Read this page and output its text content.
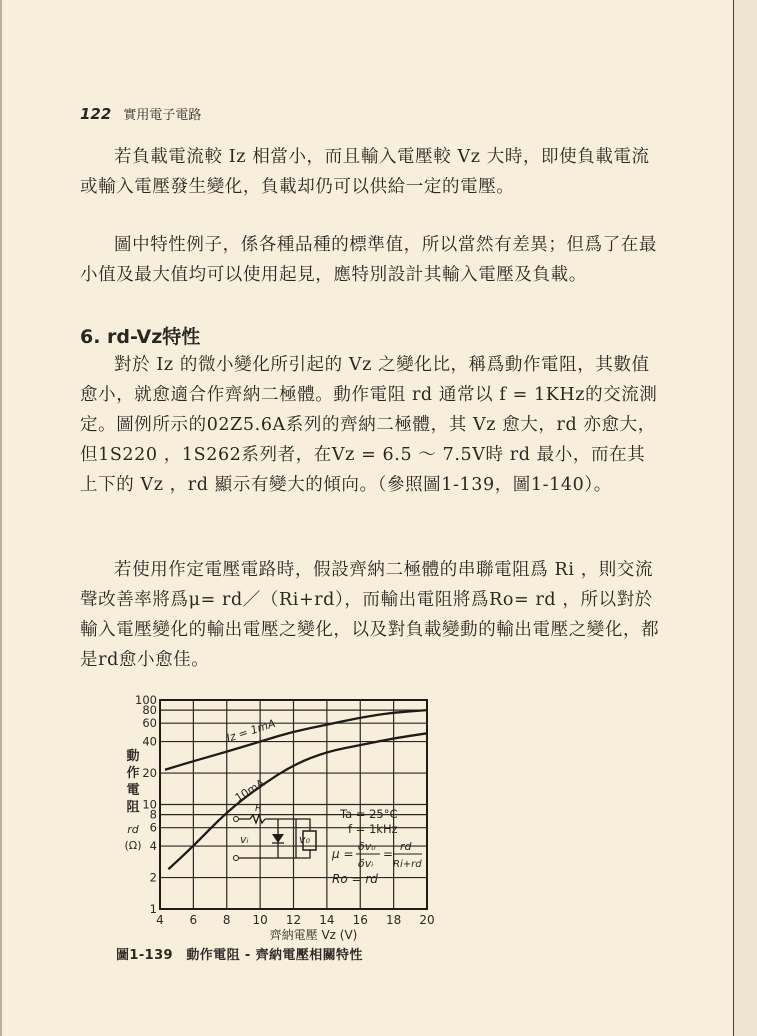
122 實用電子電路

若負載電流較 Iz 相當小，而且輸入電壓較 Vz 大時，即使負載電流或輸入電壓發生變化，負載却仍可以供給一定的電壓。

圖中特性例子，係各種品種的標準值，所以當然有差異；但爲了在最小值及最大值均可以使用起見，應特別設計其輸入電壓及負載。

6. rd-Vz特性

對於 Iz 的微小變化所引起的 Vz 之變化比，稱爲動作電阻，其數值愈小，就愈適合作齊納二極體。動作電阻 rd 通常以 f = 1KHz的交流測定。圖例所示的02Z5.6A系列的齊納二極體，其 Vz 愈大，rd 亦愈大，但1S220 ，1S262系列者，在Vz = 6.5 ～ 7.5V時 rd 最小，而在其上下的 Vz ，rd 顯示有變大的傾向。（參照圖1-139，圖1-140）。

若使用作定電壓電路時，假設齊納二極體的串聯電阻爲 Ri ，則交流聲改善率將爲μ= rd／（Ri+rd），而輸出電阻將爲Ro= rd ，所以對於輸入電壓變化的輸出電壓之變化，以及對負載變動的輸出電壓之變化，都是rd愈小愈佳。

1
2
4
6
8
10
20
40
60
80
100
4 6 8 10 12 14 16 18 20
動
作
電
阻
rd
(Ω)
齊納電壓 Vz (V)
Iz = 1mA
10mA
Ta = 25°C
f = 1kHz
μ =
δv₀
δvᵢ
=
rd
Ri+rd
Ro = rd
R
vᵢ	v₀
圖1-139　動作電阻 - 齊納電壓相關特性
